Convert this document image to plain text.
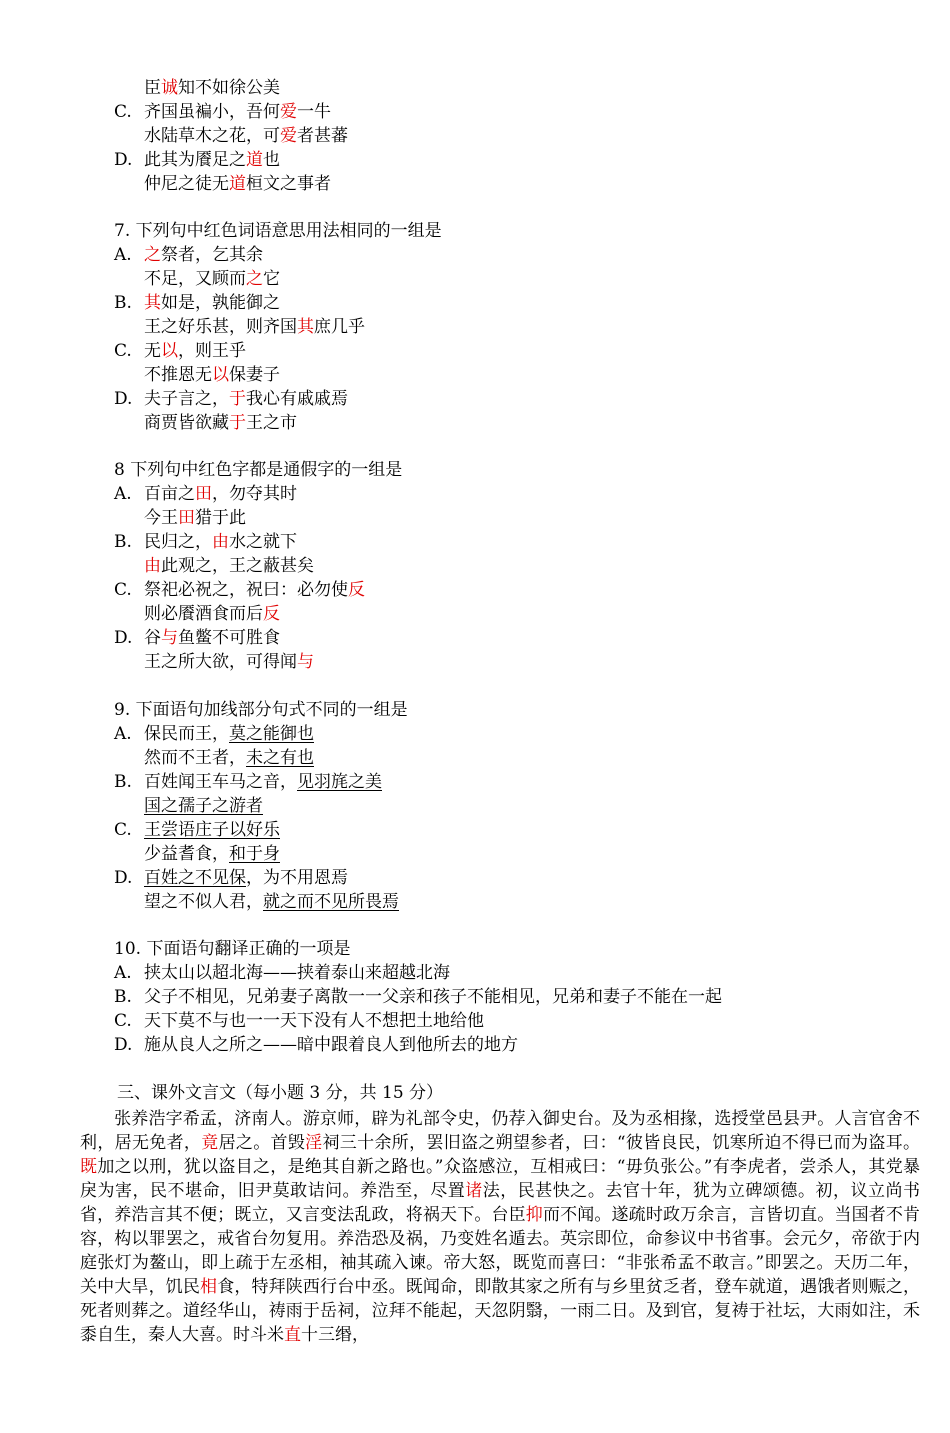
臣诚知不如徐公美
C. 齐国虽褊小，吾何爱一牛
水陆草木之花，可爱者甚蕃
D. 此其为餍足之道也
仲尼之徒无道桓文之事者
7. 下列句中红色词语意思用法相同的一组是
A. 之祭者，乞其余
不足，又顾而之它
B. 其如是，孰能御之
王之好乐甚，则齐国其庶几乎
C. 无以，则王乎
不推恩无以保妻子
D. 夫子言之，于我心有戚戚焉
商贾皆欲藏于王之市
8 下列句中红色字都是通假字的一组是
A. 百亩之田，勿夺其时
今王田猎于此
B. 民归之，由水之就下
由此观之，王之蔽甚矣
C. 祭祀必祝之，祝曰：必勿使反
则必餍酒食而后反
D. 谷与鱼鳖不可胜食
王之所大欲，可得闻与
9. 下面语句加线部分句式不同的一组是
A. 保民而王，莫之能御也
然而不王者，未之有也
B. 百姓闻王车马之音，见羽旄之美
国之孺子之游者
C. 王尝语庄子以好乐
少益耆食，和于身
D. 百姓之不见保，为不用恩焉
望之不似人君，就之而不见所畏焉
10. 下面语句翻译正确的一项是
A. 挟太山以超北海——挟着泰山来超越北海
B. 父子不相见，兄弟妻子离散一一父亲和孩子不能相见，兄弟和妻子不能在一起
C. 天下莫不与也一一天下没有人不想把土地给他
D. 施从良人之所之——暗中跟着良人到他所去的地方
三、课外文言文（每小题 3 分，共 15 分）
张养浩字希孟，济南人。游京师，辟为礼部令史，仍荐入御史台。及为丞相掾，选授堂邑县尹。人言官舍不利，居无免者，竟居之。首毁淫祠三十余所，罢旧盗之朔望参者，曰：“彼皆良民，饥寒所迫不得已而为盗耳。既加之以刑，犹以盗目之，是绝其自新之路也。”众盗感泣，互相戒曰：“毋负张公。”有李虎者，尝杀人，其党暴戾为害，民不堪命，旧尹莫敢诘问。养浩至，尽置诸法，民甚快之。去官十年，犹为立碑颂德。初，议立尚书省，养浩言其不便；既立，又言变法乱政，将祸天下。台臣抑而不闻。遂疏时政万余言，言皆切直。当国者不肯容，构以罪罢之，戒省台勿复用。养浩恐及祸，乃变姓名遁去。英宗即位，命参议中书省事。会元夕，帝欲于内庭张灯为鳌山，即上疏于左丞相，袖其疏入谏。帝大怒，既览而喜曰：“非张希孟不敢言。”即罢之。天历二年，关中大旱，饥民相食，特拜陕西行台中丞。既闻命，即散其家之所有与乡里贫乏者，登车就道，遇饿者则赈之，死者则葬之。道经华山，祷雨于岳祠，泣拜不能起，天忽阴翳，一雨二日。及到官，复祷于社坛，大雨如注，禾黍自生，秦人大喜。时斗米直十三缗，
